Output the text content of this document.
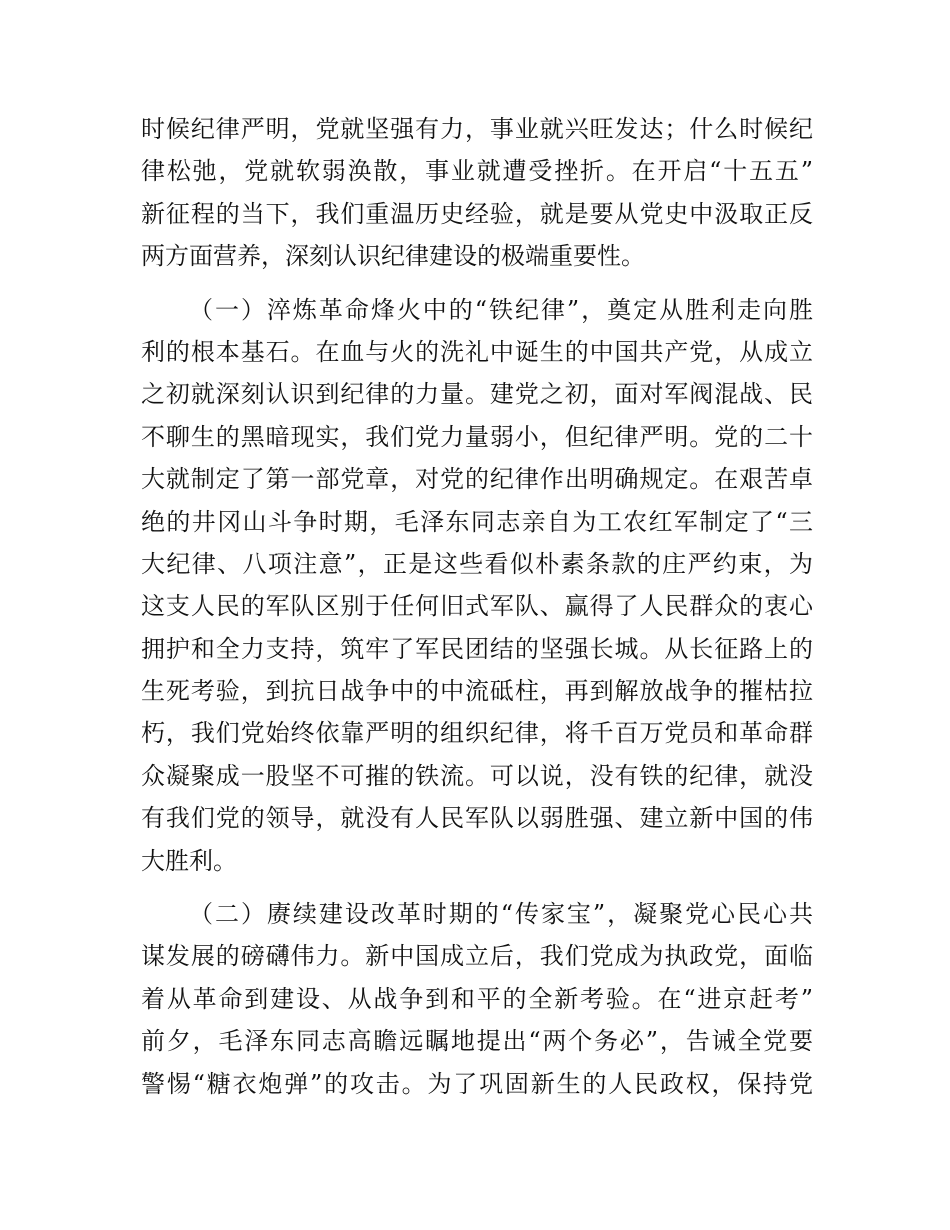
时候纪律严明，党就坚强有力，事业就兴旺发达；什么时候纪
律松弛，党就软弱涣散，事业就遭受挫折。在开启“十五五”
新征程的当下，我们重温历史经验，就是要从党史中汲取正反
两方面营养，深刻认识纪律建设的极端重要性。
（一）淬炼革命烽火中的“铁纪律”，奠定从胜利走向胜
利的根本基石。在血与火的洗礼中诞生的中国共产党，从成立
之初就深刻认识到纪律的力量。建党之初，面对军阀混战、民
不聊生的黑暗现实，我们党力量弱小，但纪律严明。党的二十
大就制定了第一部党章，对党的纪律作出明确规定。在艰苦卓
绝的井冈山斗争时期，毛泽东同志亲自为工农红军制定了“三
大纪律、八项注意”，正是这些看似朴素条款的庄严约束，为
这支人民的军队区别于任何旧式军队、赢得了人民群众的衷心
拥护和全力支持，筑牢了军民团结的坚强长城。从长征路上的
生死考验，到抗日战争中的中流砥柱，再到解放战争的摧枯拉
朽，我们党始终依靠严明的组织纪律，将千百万党员和革命群
众凝聚成一股坚不可摧的铁流。可以说，没有铁的纪律，就没
有我们党的领导，就没有人民军队以弱胜强、建立新中国的伟
大胜利。
（二）赓续建设改革时期的“传家宝”，凝聚党心民心共
谋发展的磅礴伟力。新中国成立后，我们党成为执政党，面临
着从革命到建设、从战争到和平的全新考验。在“进京赶考”
前夕，毛泽东同志高瞻远瞩地提出“两个务必”，告诫全党要
警惕“糖衣炮弹”的攻击。为了巩固新生的人民政权，保持党
